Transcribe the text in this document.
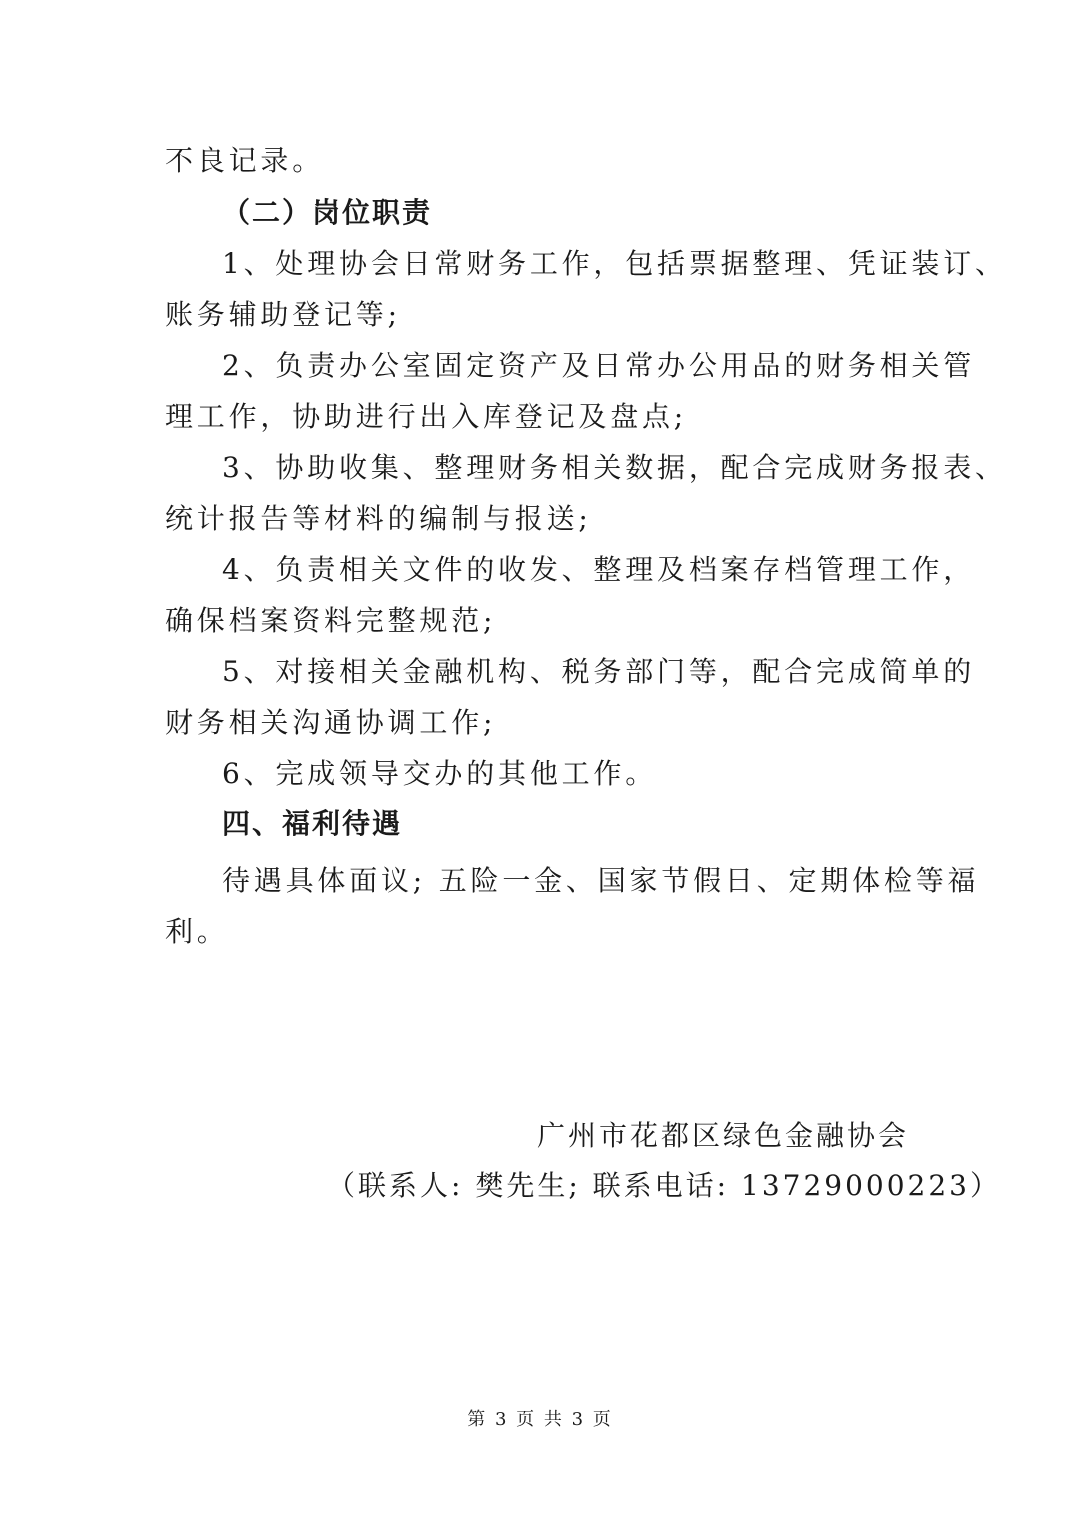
不良记录。
（二）岗位职责
1、处理协会日常财务工作，包括票据整理、凭证装订、
账务辅助登记等;
2、负责办公室固定资产及日常办公用品的财务相关管
理工作，协助进行出入库登记及盘点;
3、协助收集、整理财务相关数据，配合完成财务报表、
统计报告等材料的编制与报送;
4、负责相关文件的收发、整理及档案存档管理工作，
确保档案资料完整规范;
5、对接相关金融机构、税务部门等，配合完成简单的
财务相关沟通协调工作;
6、完成领导交办的其他工作。
四、福利待遇
待遇具体面议; 五险一金、国家节假日、定期体检等福
利。
广州市花都区绿色金融协会
（联系人: 樊先生; 联系电话: 13729000223）
第 3 页 共 3 页
